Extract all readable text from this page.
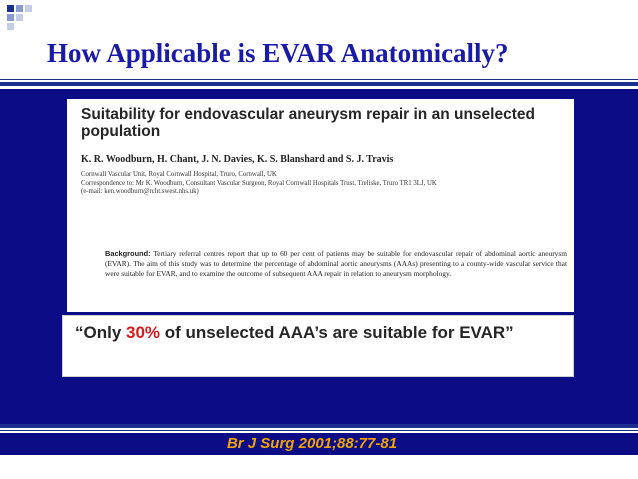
How Applicable is EVAR Anatomically?
Suitability for endovascular aneurysm repair in an unselected population
K. R. Woodburn, H. Chant, J. N. Davies, K. S. Blanshard and S. J. Travis
Cornwall Vascular Unit, Royal Cornwall Hospital, Truro, Cornwall, UK
Correspondence to: Mr K. Woodburn, Consultant Vascular Surgeon, Royal Cornwall Hospitals Trust, Treliske, Truro TR1 3LJ, UK
(e-mail: ken.woodburn@rcht.swest.nhs.uk)
Background: Tertiary referral centres report that up to 60 per cent of patients may be suitable for endovascular repair of abdominal aortic aneurysm (EVAR). The aim of this study was to determine the percentage of abdominal aortic aneurysms (AAAs) presenting to a county-wide vascular service that were suitable for EVAR, and to examine the outcome of subsequent AAA repair in relation to aneurysm morphology.
“Only 30% of unselected AAA’s are suitable for EVAR”
Br J Surg 2001;88:77-81
